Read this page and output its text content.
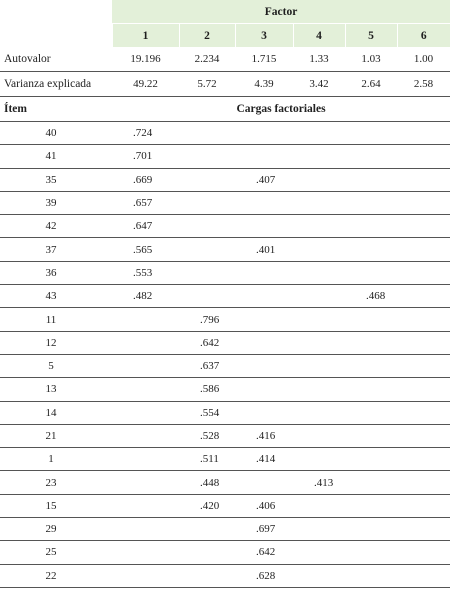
	Factor					
	1	2	3	4	5	6
Autovalor	19.196	2.234	1.715	1.33	1.03	1.00
Varianza explicada	49.22	5.72	4.39	3.42	2.64	2.58
Ítem	Cargas factoriales					
40	.724					
41	.701					
35	.669		.407			
39	.657					
42	.647					
37	.565		.401			
36	.553					
43	.482				.468	
11		.796				
12		.642				
5		.637				
13		.586				
14		.554				
21		.528	.416			
1		.511	.414			
23		.448		.413		
15		.420	.406			
29			.697			
25			.642			
22			.628			
